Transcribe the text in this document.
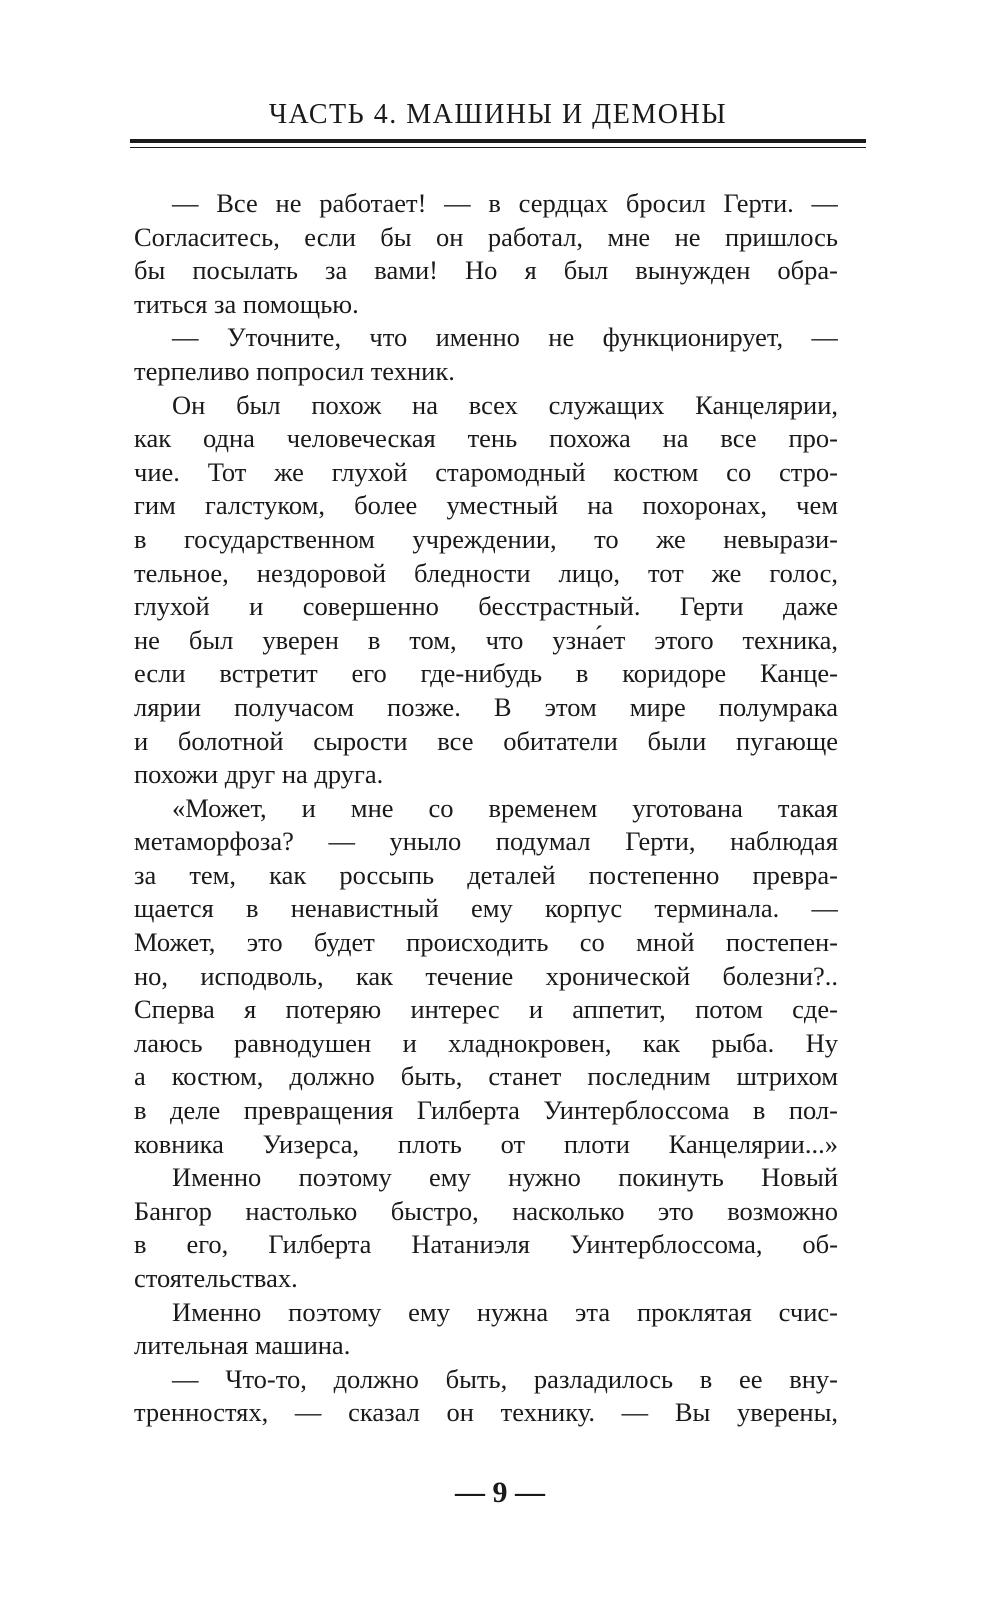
ЧАСТЬ 4. МАШИНЫ И ДЕМОНЫ
— Все не работает! — в сердцах бросил Герти. —
Согласитесь, если бы он работал, мне не пришлось
бы посылать за вами! Но я был вынужден обра-
титься за помощью.
— Уточните, что именно не функционирует, —
терпеливо попросил техник.
Он был похож на всех служащих Канцелярии,
как одна человеческая тень похожа на все про-
чие. Тот же глухой старомодный костюм со стро-
гим галстуком, более уместный на похоронах, чем
в государственном учреждении, то же невырази-
тельное, нездоровой бледности лицо, тот же голос,
глухой и совершенно бесстрастный. Герти даже
не был уверен в том, что узна́ет этого техника,
если встретит его где-нибудь в коридоре Канце-
лярии получасом позже. В этом мире полумрака
и болотной сырости все обитатели были пугающе
похожи друг на друга.
«Может, и мне со временем уготована такая
метаморфоза? — уныло подумал Герти, наблюдая
за тем, как россыпь деталей постепенно превра-
щается в ненавистный ему корпус терминала. —
Может, это будет происходить со мной постепен-
но, исподволь, как течение хронической болезни?..
Сперва я потеряю интерес и аппетит, потом сде-
лаюсь равнодушен и хладнокровен, как рыба. Ну
а костюм, должно быть, станет последним штрихом
в деле превращения Гилберта Уинтерблоссома в пол-
ковника Уизерса, плоть от плоти Канцелярии...»
Именно поэтому ему нужно покинуть Новый
Бангор настолько быстро, насколько это возможно
в его, Гилберта Натаниэля Уинтерблоссома, об-
стоятельствах.
Именно поэтому ему нужна эта проклятая счис-
лительная машина.
— Что-то, должно быть, разладилось в ее вну-
тренностях, — сказал он технику. — Вы уверены,
— 9 —
